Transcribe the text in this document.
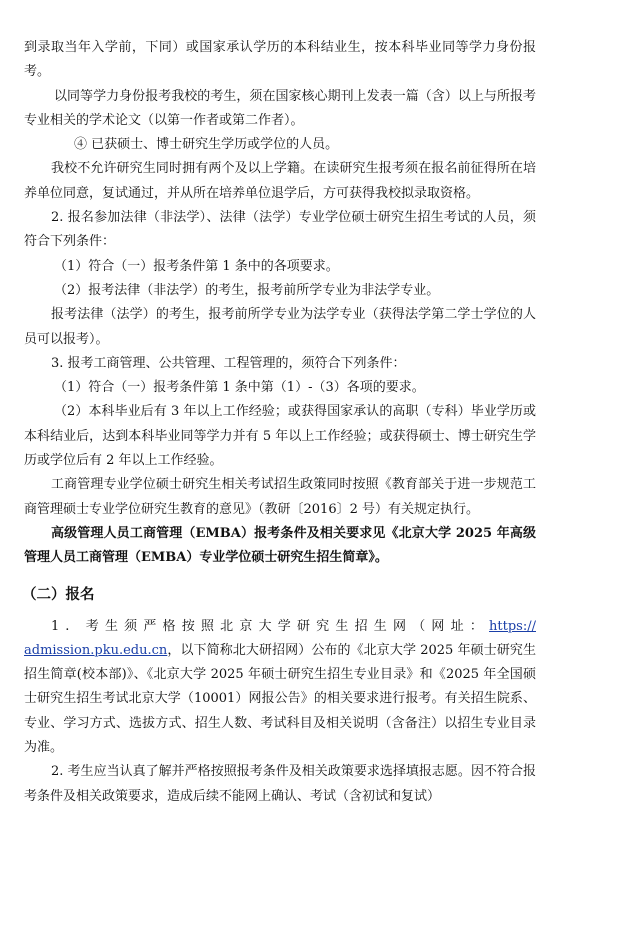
到录取当年入学前，下同）或国家承认学历的本科结业生，按本科毕业同等学力身份报考。

以同等学力身份报考我校的考生，须在国家核心期刊上发表一篇（含）以上与所报考专业相关的学术论文（以第一作者或第二作者）。

④ 已获硕士、博士研究生学历或学位的人员。

我校不允许研究生同时拥有两个及以上学籍。在读研究生报考须在报名前征得所在培养单位同意，复试通过，并从所在培养单位退学后，方可获得我校拟录取资格。

2. 报名参加法律（非法学）、法律（法学）专业学位硕士研究生招生考试的人员，须符合下列条件：

（1）符合（一）报考条件第 1 条中的各项要求。

（2）报考法律（非法学）的考生，报考前所学专业为非法学专业。

报考法律（法学）的考生，报考前所学专业为法学专业（获得法学第二学士学位的人员可以报考）。

3. 报考工商管理、公共管理、工程管理的，须符合下列条件：

（1）符合（一）报考条件第 1 条中第（1）-（3）各项的要求。

（2）本科毕业后有 3 年以上工作经验；或获得国家承认的高职（专科）毕业学历或本科结业后，达到本科毕业同等学力并有 5 年以上工作经验；或获得硕士、博士研究生学历或学位后有 2 年以上工作经验。

工商管理专业学位硕士研究生相关考试招生政策同时按照《教育部关于进一步规范工商管理硕士专业学位研究生教育的意见》（教研〔2016〕2 号）有关规定执行。

高级管理人员工商管理（EMBA）报考条件及相关要求见《北京大学 2025 年高级管理人员工商管理（EMBA）专业学位硕士研究生招生简章》。

（二）报名

1. 考生须严格按照北京大学研究生招生网（网址：https://admission.pku.edu.cn，以下简称北大研招网）公布的《北京大学 2025 年硕士研究生招生简章(校本部)》、《北京大学 2025 年硕士研究生招生专业目录》和《2025 年全国硕士研究生招生考试北京大学（10001）网报公告》的相关要求进行报考。有关招生院系、专业、学习方式、选拔方式、招生人数、考试科目及相关说明（含备注）以招生专业目录为准。

2. 考生应当认真了解并严格按照报考条件及相关政策要求选择填报志愿。因不符合报考条件及相关政策要求，造成后续不能网上确认、考试（含初试和复试）
